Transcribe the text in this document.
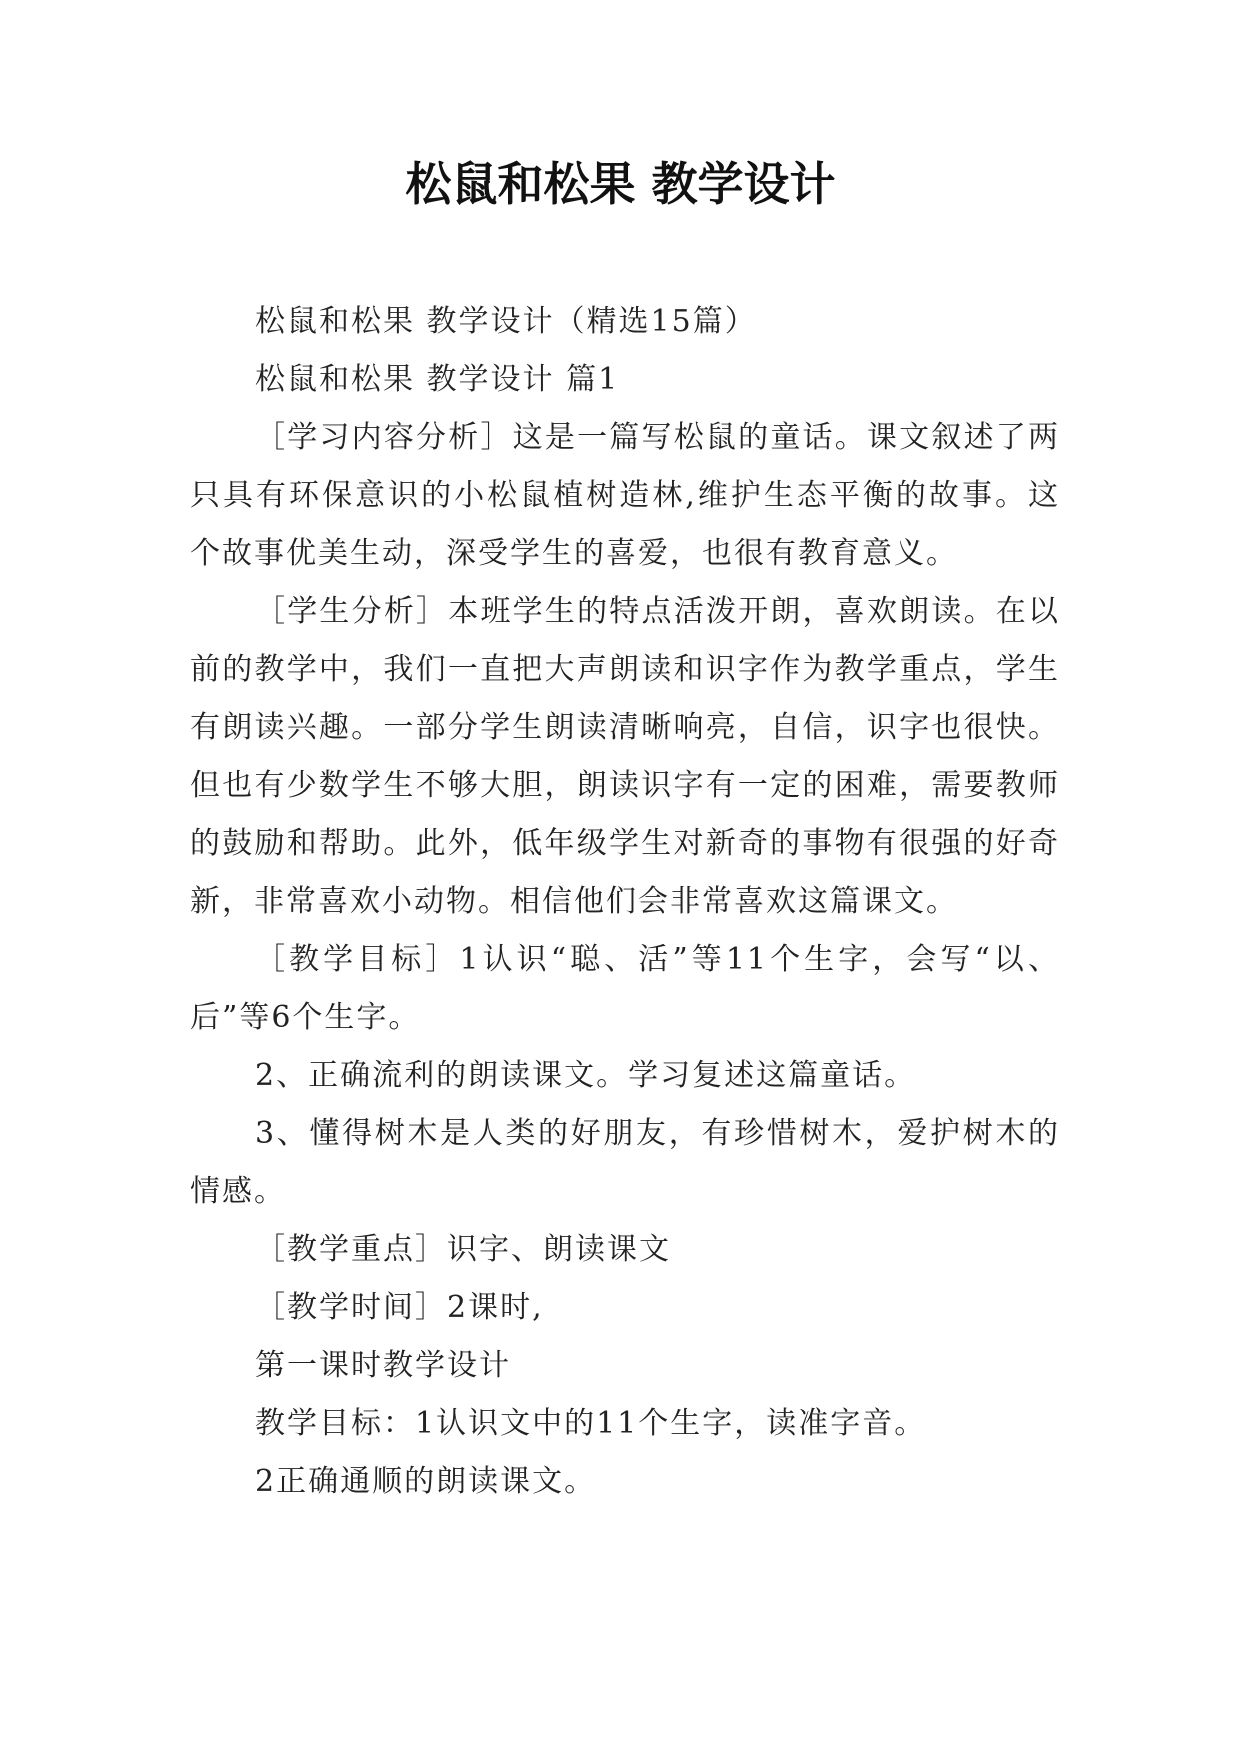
松鼠和松果 教学设计

松鼠和松果 教学设计（精选15篇）

松鼠和松果 教学设计 篇1

［学习内容分析］这是一篇写松鼠的童话。课文叙述了两只具有环保意识的小松鼠植树造林,维护生态平衡的故事。这个故事优美生动，深受学生的喜爱，也很有教育意义。

［学生分析］本班学生的特点活泼开朗，喜欢朗读。在以前的教学中，我们一直把大声朗读和识字作为教学重点，学生有朗读兴趣。一部分学生朗读清晰响亮，自信，识字也很快。但也有少数学生不够大胆，朗读识字有一定的困难，需要教师的鼓励和帮助。此外，低年级学生对新奇的事物有很强的好奇新，非常喜欢小动物。相信他们会非常喜欢这篇课文。

［教学目标］1认识“聪、活”等11个生字，会写“以、后”等6个生字。

2、正确流利的朗读课文。学习复述这篇童话。

3、懂得树木是人类的好朋友，有珍惜树木，爱护树木的情感。

［教学重点］识字、朗读课文

［教学时间］2课时,

第一课时教学设计

教学目标：1认识文中的11个生字，读准字音。

2正确通顺的朗读课文。
